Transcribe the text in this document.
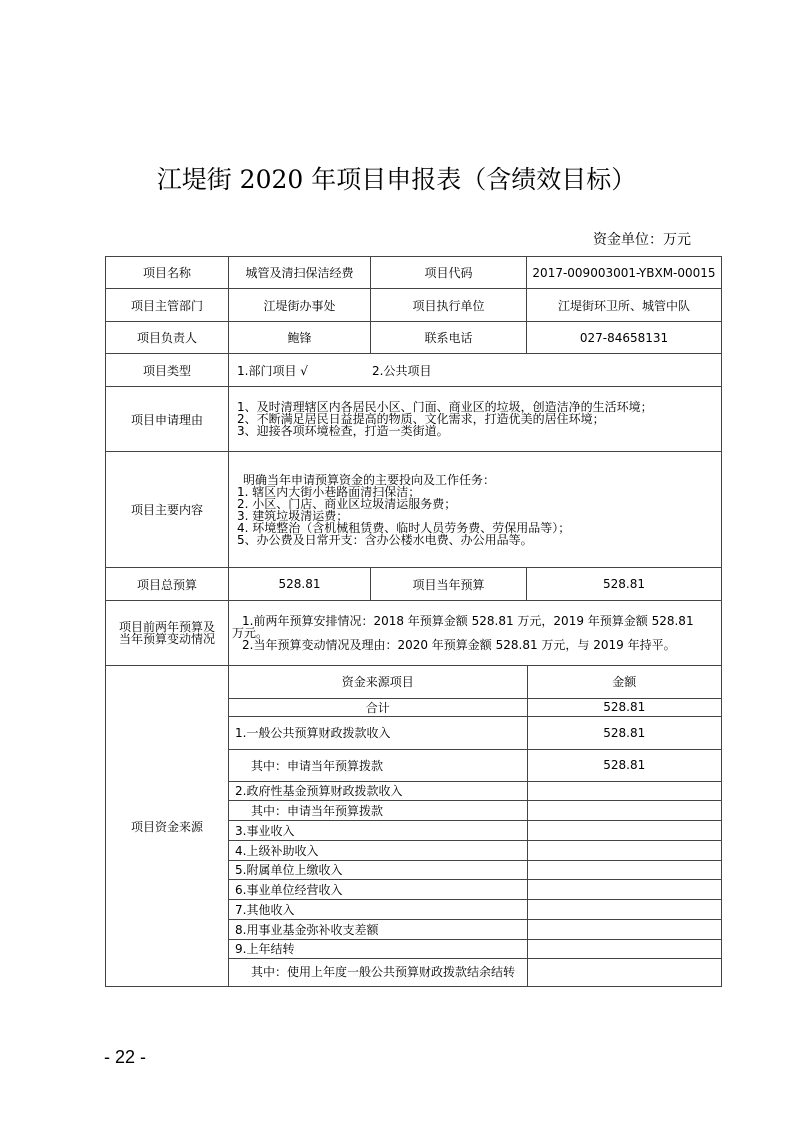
江堤街 2020 年项目申报表（含绩效目标）
资金单位：万元
项目名称	城管及清扫保洁经费	项目代码	2017-009003001-YBXM-00015
项目主管部门	江堤街办事处	项目执行单位	江堤街环卫所、城管中队
项目负责人	鲍锋	联系电话	027-84658131
项目类型	1.部门项目 √	2.公共项目
项目申请理由	
1、及时清理辖区内各居民小区、门面、商业区的垃圾，创造洁净的生活环境；
2、不断满足居民日益提高的物质、文化需求，打造优美的居住环境；
3、迎接各项环境检查，打造一类街道。

项目主要内容	
明确当年申请预算资金的主要投向及工作任务：
1. 辖区内大街小巷路面清扫保洁；
2. 小区、门店、商业区垃圾清运服务费；
3. 建筑垃圾清运费；
4. 环境整治（含机械租赁费、临时人员劳务费、劳保用品等）；
5、办公费及日常开支：含办公楼水电费、办公用品等。

项目总预算	528.81	项目当年预算	528.81

项目前两年预算及
当年预算变动情况

1.前两年预算安排情况：2018 年预算金额 528.81 万元，2019 年预算金额 528.81
万元。
2.当年预算变动情况及理由：2020 年预算金额 528.81 万元，与 2019 年持平。

项目资金来源	
资金来源项目	金额
合计	528.81
1.一般公共预算财政拨款收入	528.81
其中：申请当年预算拨款	528.81
2.政府性基金预算财政拨款收入	
其中：申请当年预算拨款	
3.事业收入	
4.上级补助收入	
5.附属单位上缴收入	
6.事业单位经营收入	
7.其他收入	
8.用事业基金弥补收支差额	
9.上年结转	
其中：使用上年度一般公共预算财政拨款结余结转	
- 22 -
